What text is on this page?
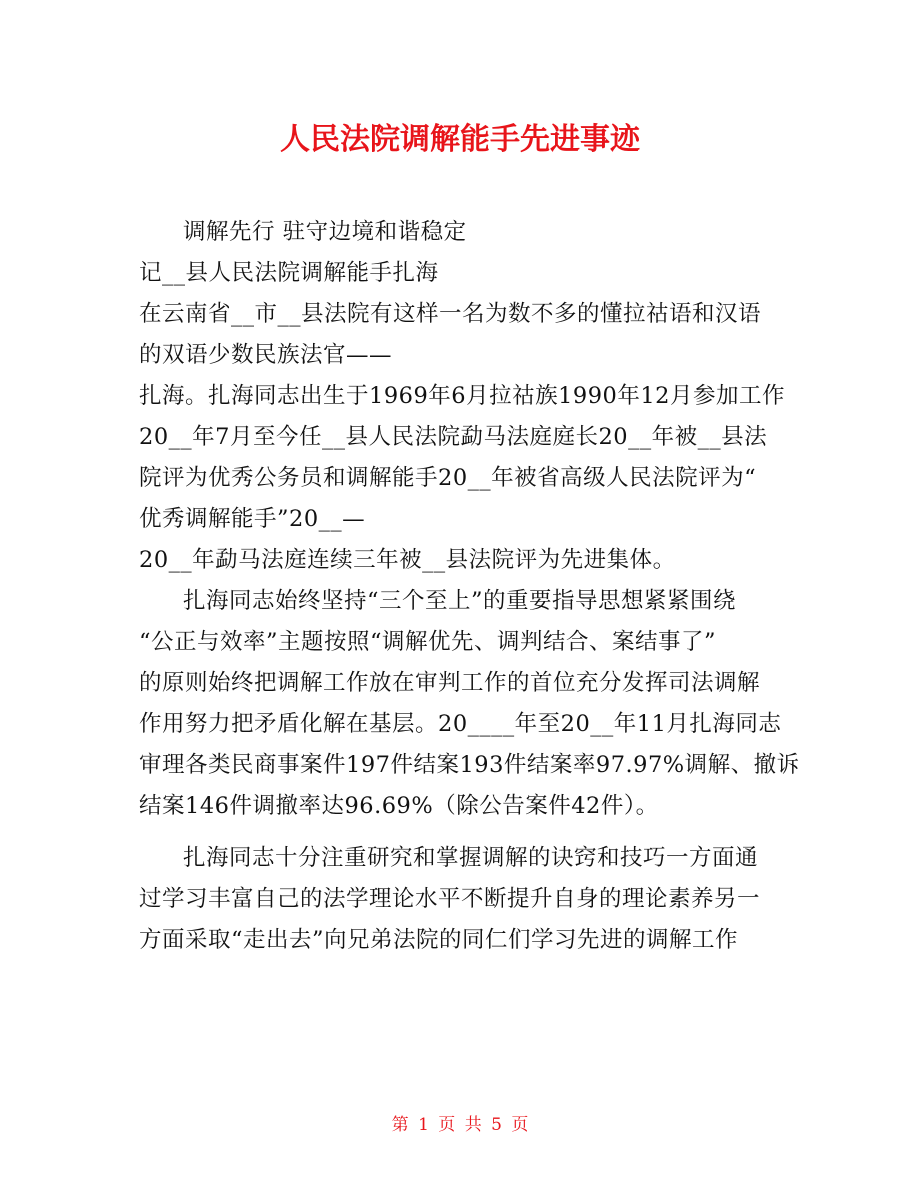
人民法院调解能手先进事迹
调解先行 驻守边境和谐稳定
记__县人民法院调解能手扎海
在云南省__市__县法院有这样一名为数不多的懂拉祜语和汉语
的双语少数民族法官——
扎海。扎海同志出生于1969年6月拉祜族1990年12月参加工作
20__年7月至今任__县人民法院勐马法庭庭长20__年被__县法
院评为优秀公务员和调解能手20__年被省高级人民法院评为“
优秀调解能手”20__—
20__年勐马法庭连续三年被__县法院评为先进集体。
扎海同志始终坚持“三个至上”的重要指导思想紧紧围绕
“公正与效率”主题按照“调解优先、调判结合、案结事了”
的原则始终把调解工作放在审判工作的首位充分发挥司法调解
作用努力把矛盾化解在基层。20____年至20__年11月扎海同志
审理各类民商事案件197件结案193件结案率97.97%调解、撤诉
结案146件调撤率达96.69%（除公告案件42件）。
扎海同志十分注重研究和掌握调解的诀窍和技巧一方面通
过学习丰富自己的法学理论水平不断提升自身的理论素养另一
方面采取“走出去”向兄弟法院的同仁们学习先进的调解工作
第 1 页 共 5 页
